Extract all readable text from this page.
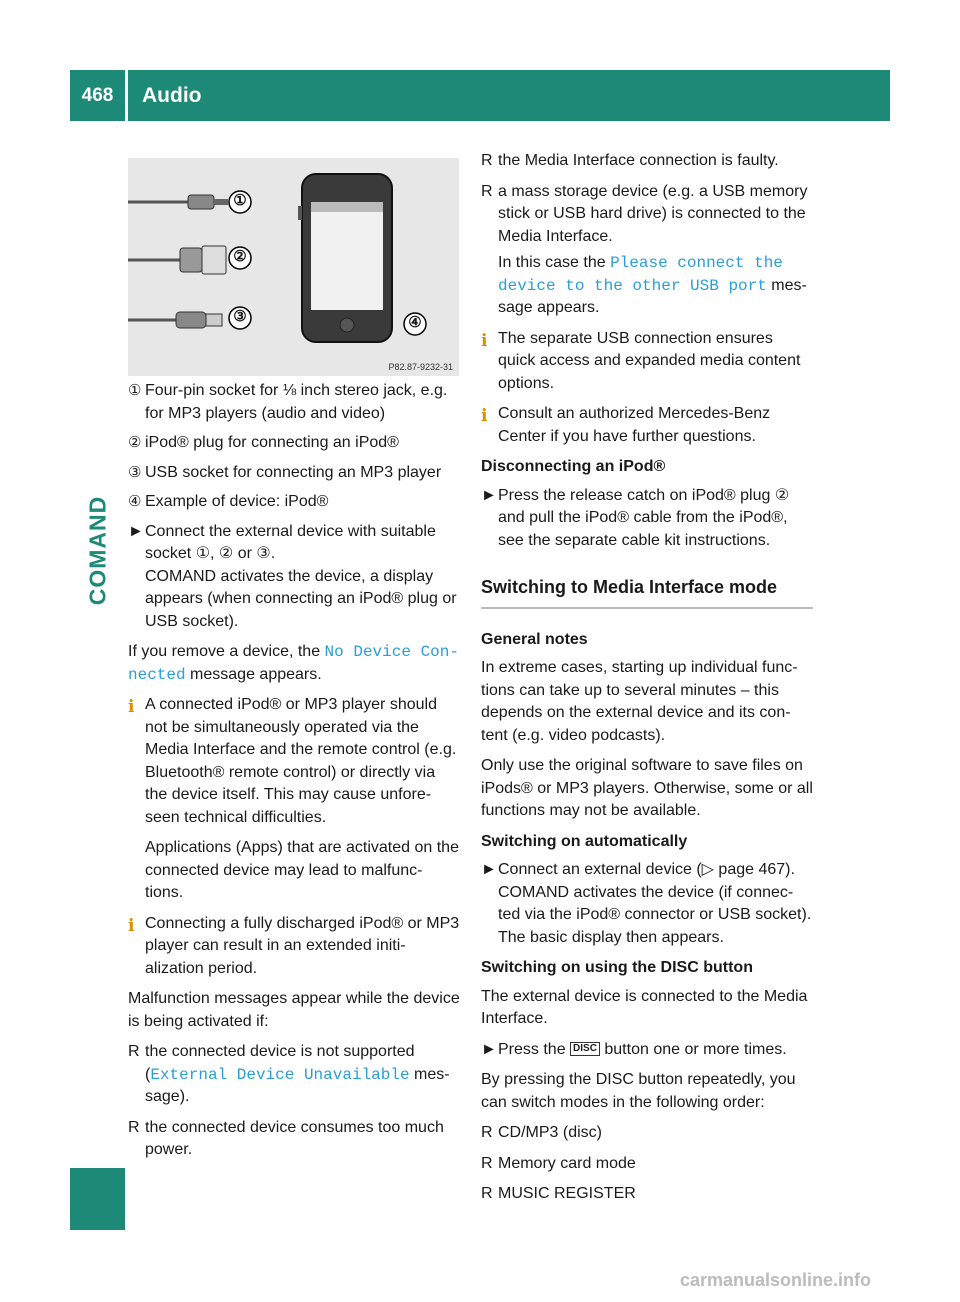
468	Audio
COMAND
①
②
③	④
P82.87-9232-31
① Four-pin socket for ⅛ inch stereo jack, e.g. for MP3 players (audio and video)
② iPod® plug for connecting an iPod®
③ USB socket for connecting an MP3 player
④ Example of device: iPod®
► Connect the external device with suitable socket ①, ② or ③.
COMAND activates the device, a display appears (when connecting an iPod® plug or USB socket).

If you remove a device, the No Device Con‐ nected message appears.

i A connected iPod® or MP3 player should not be simultaneously operated via the Media Interface and the remote control (e.g. Bluetooth® remote control) or directly via the device itself. This may cause unfore- seen technical difficulties.

Applications (Apps) that are activated on the connected device may lead to malfunc- tions.

i Connecting a fully discharged iPod® or MP3 player can result in an extended initi- alization period.

Malfunction messages appear while the device is being activated if:

R the connected device is not supported (External Device Unavailable mes- sage).
R the connected device consumes too much power.
R the Media Interface connection is faulty.
R a mass storage device (e.g. a USB memory stick or USB hard drive) is connected to the Media Interface.
In this case the Please connect the device to the other USB port mes- sage appears.
i The separate USB connection ensures quick access and expanded media content options.

i Consult an authorized Mercedes-Benz Center if you have further questions.

Disconnecting an iPod®
► Press the release catch on iPod® plug ② and pull the iPod® cable from the iPod®, see the separate cable kit instructions.
Switching to Media Interface mode
General notes

In extreme cases, starting up individual func- tions can take up to several minutes – this depends on the external device and its con- tent (e.g. video podcasts).

Only use the original software to save files on iPods® or MP3 players. Otherwise, some or all functions may not be available.

Switching on automatically
► Connect an external device (▷ page 467).
COMAND activates the device (if connec- ted via the iPod® connector or USB socket). The basic display then appears.
Switching on using the DISC button

The external device is connected to the Media Interface.

► Press the DISC button one or more times.

By pressing the DISC button repeatedly, you can switch modes in the following order:

R CD/MP3 (disc)
R Memory card mode
R MUSIC REGISTER
carmanualsonline.info
